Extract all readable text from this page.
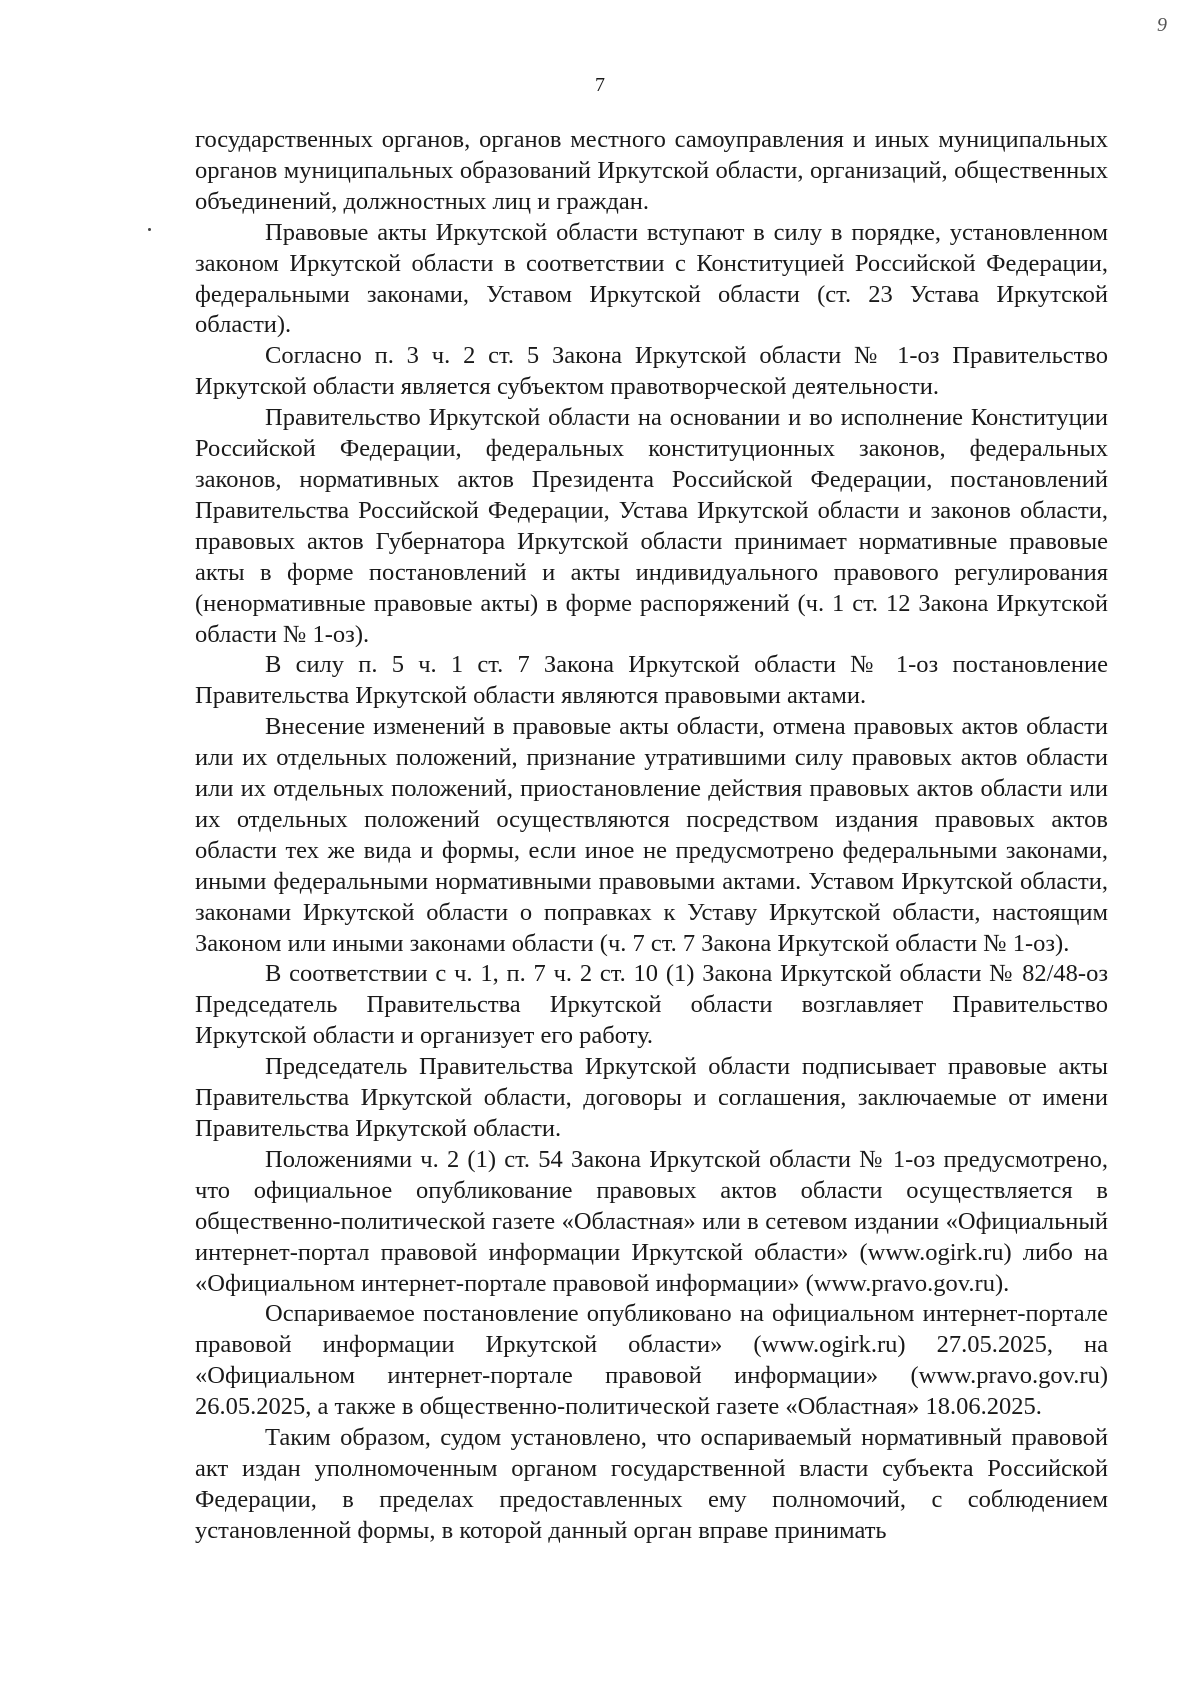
9
7

государственных органов, органов местного самоуправления и иных муниципальных органов муниципальных образований Иркутской области, организаций, общественных объединений, должностных лиц и граждан.

Правовые акты Иркутской области вступают в силу в порядке, установленном законом Иркутской области в соответствии с Конституцией Российской Федерации, федеральными законами, Уставом Иркутской области (ст. 23 Устава Иркутской области).

Согласно п. 3 ч. 2 ст. 5 Закона Иркутской области № 1-оз Правительство Иркутской области является субъектом правотворческой деятельности.

Правительство Иркутской области на основании и во исполнение Конституции Российской Федерации, федеральных конституционных законов, федеральных законов, нормативных актов Президента Российской Федерации, постановлений Правительства Российской Федерации, Устава Иркутской области и законов области, правовых актов Губернатора Иркутской области принимает нормативные правовые акты в форме постановлений и акты индивидуального правового регулирования (ненормативные правовые акты) в форме распоряжений (ч. 1 ст. 12 Закона Иркутской области № 1-оз).

В силу п. 5 ч. 1 ст. 7 Закона Иркутской области № 1-оз постановление Правительства Иркутской области являются правовыми актами.

Внесение изменений в правовые акты области, отмена правовых актов области или их отдельных положений, признание утратившими силу правовых актов области или их отдельных положений, приостановление действия правовых актов области или их отдельных положений осуществляются посредством издания правовых актов области тех же вида и формы, если иное не предусмотрено федеральными законами, иными федеральными нормативными правовыми актами. Уставом Иркутской области, законами Иркутской области о поправках к Уставу Иркутской области, настоящим Законом или иными законами области (ч. 7 ст. 7 Закона Иркутской области № 1-оз).

В соответствии с ч. 1, п. 7 ч. 2 ст. 10 (1) Закона Иркутской области № 82/48-оз Председатель Правительства Иркутской области возглавляет Правительство Иркутской области и организует его работу.

Председатель Правительства Иркутской области подписывает правовые акты Правительства Иркутской области, договоры и соглашения, заключаемые от имени Правительства Иркутской области.

Положениями ч. 2 (1) ст. 54 Закона Иркутской области № 1-оз предусмотрено, что официальное опубликование правовых актов области осуществляется в общественно-политической газете «Областная» или в сетевом издании «Официальный интернет-портал правовой информации Иркутской области» (www.ogirk.ru) либо на «Официальном интернет-портале правовой информации» (www.pravo.gov.ru).

Оспариваемое постановление опубликовано на официальном интернет-портале правовой информации Иркутской области» (www.ogirk.ru) 27.05.2025, на «Официальном интернет-портале правовой информации» (www.pravo.gov.ru) 26.05.2025, а также в общественно-политической газете «Областная» 18.06.2025.

Таким образом, судом установлено, что оспариваемый нормативный правовой акт издан уполномоченным органом государственной власти субъекта Российской Федерации, в пределах предоставленных ему полномочий, с соблюдением установленной формы, в которой данный орган вправе принимать
